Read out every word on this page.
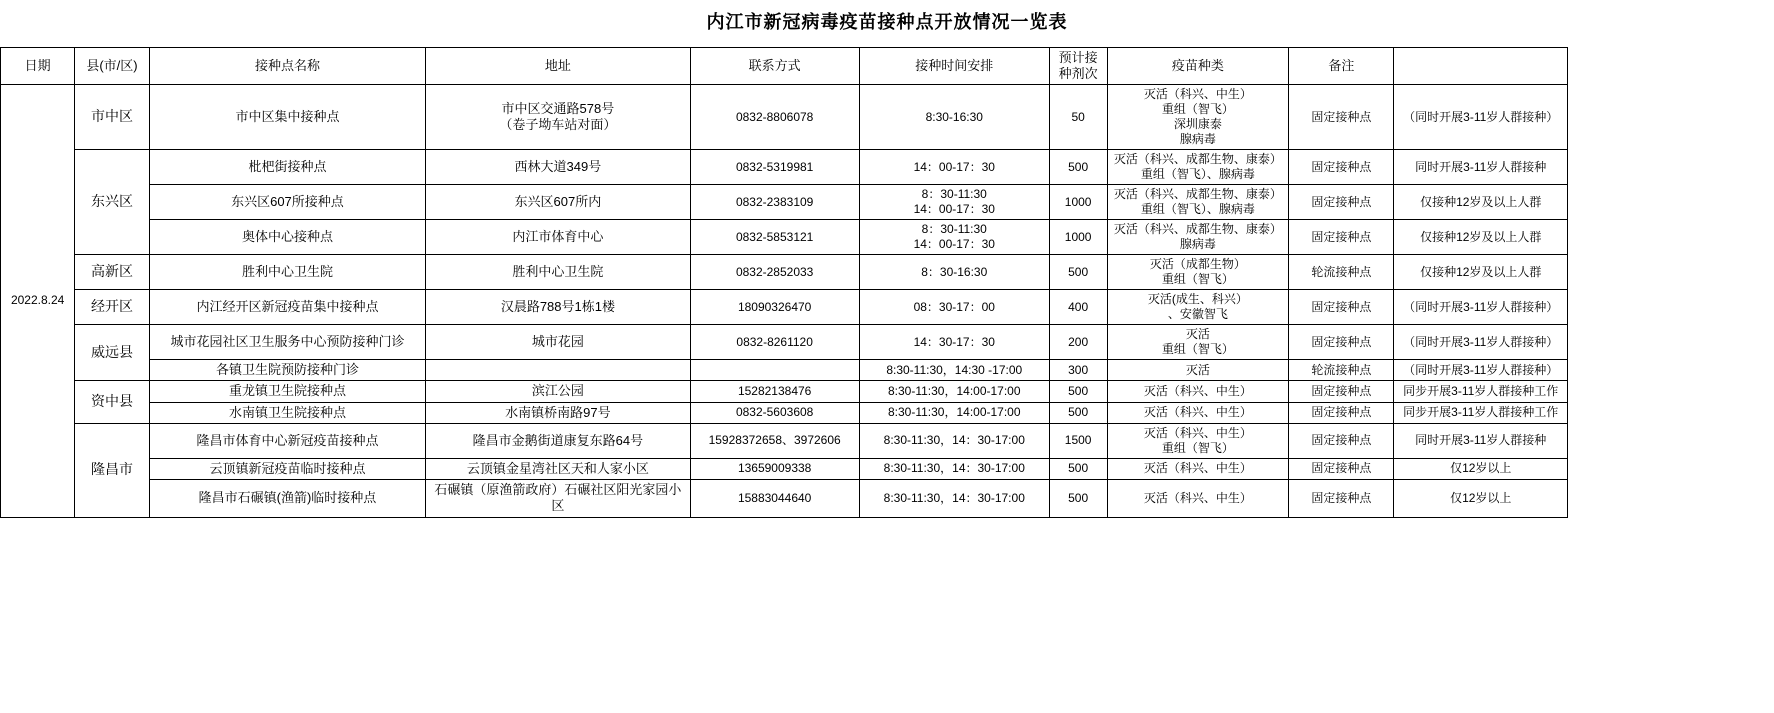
内江市新冠病毒疫苗接种点开放情况一览表
日期	县(市/区)	接种点名称	地址	联系方式	接种时间安排	预计接种剂次	疫苗种类	备注	
2022.8.24	市中区	市中区集中接种点	市中区交通路578号
（卷子坳车站对面）	0832-8806078	8:30-16:30	50	灭活（科兴、中生）
重组（智飞）
深圳康泰
腺病毒	固定接种点	（同时开展3-11岁人群接种）
	东兴区	枇杷街接种点	西林大道349号	0832-5319981	14：00-17：30	500	灭活（科兴、成都生物、康泰）
重组（智飞）、腺病毒	固定接种点	同时开展3-11岁人群接种
		东兴区607所接种点	东兴区607所内	0832-2383109	8：30-11:30
14：00-17：30	1000	灭活（科兴、成都生物、康泰）
重组（智飞）、腺病毒	固定接种点	仅接种12岁及以上人群
		奥体中心接种点	内江市体育中心	0832-5853121	8：30-11:30
14：00-17：30	1000	灭活（科兴、成都生物、康泰）
腺病毒	固定接种点	仅接种12岁及以上人群
	高新区	胜利中心卫生院	胜利中心卫生院	0832-2852033	8：30-16:30	500	灭活（成都生物）
重组（智飞）	轮流接种点	仅接种12岁及以上人群
	经开区	内江经开区新冠疫苗集中接种点	汉晨路788号1栋1楼	18090326470	08：30-17：00	400	灭活(成生、科兴）
、安徽智飞	固定接种点	（同时开展3-11岁人群接种）
	威远县	城市花园社区卫生服务中心预防接种门诊	城市花园	0832-8261120	14：30-17：30	200	灭活
重组（智飞）	固定接种点	（同时开展3-11岁人群接种）
		各镇卫生院预防接种门诊			8:30-11:30，14:30 -17:00	300	灭活	轮流接种点	（同时开展3-11岁人群接种）
	资中县	重龙镇卫生院接种点	滨江公园	15282138476	8:30-11:30，14:00-17:00	500	灭活（科兴、中生）	固定接种点	同步开展3-11岁人群接种工作
		水南镇卫生院接种点	水南镇桥南路97号	0832-5603608	8:30-11:30，14:00-17:00	500	灭活（科兴、中生）	固定接种点	同步开展3-11岁人群接种工作
	隆昌市	隆昌市体育中心新冠疫苗接种点	隆昌市金鹅街道康复东路64号	15928372658、3972606	8:30-11:30，14：30-17:00	1500	灭活（科兴、中生）
重组（智飞）	固定接种点	同时开展3-11岁人群接种
		云顶镇新冠疫苗临时接种点	云顶镇金星湾社区天和人家小区	13659009338	8:30-11:30，14：30-17:00	500	灭活（科兴、中生）	固定接种点	仅12岁以上
		隆昌市石碾镇(渔箭)临时接种点	石碾镇（原渔箭政府）石碾社区阳光家园小区	15883044640	8:30-11:30，14：30-17:00	500	灭活（科兴、中生）	固定接种点	仅12岁以上
